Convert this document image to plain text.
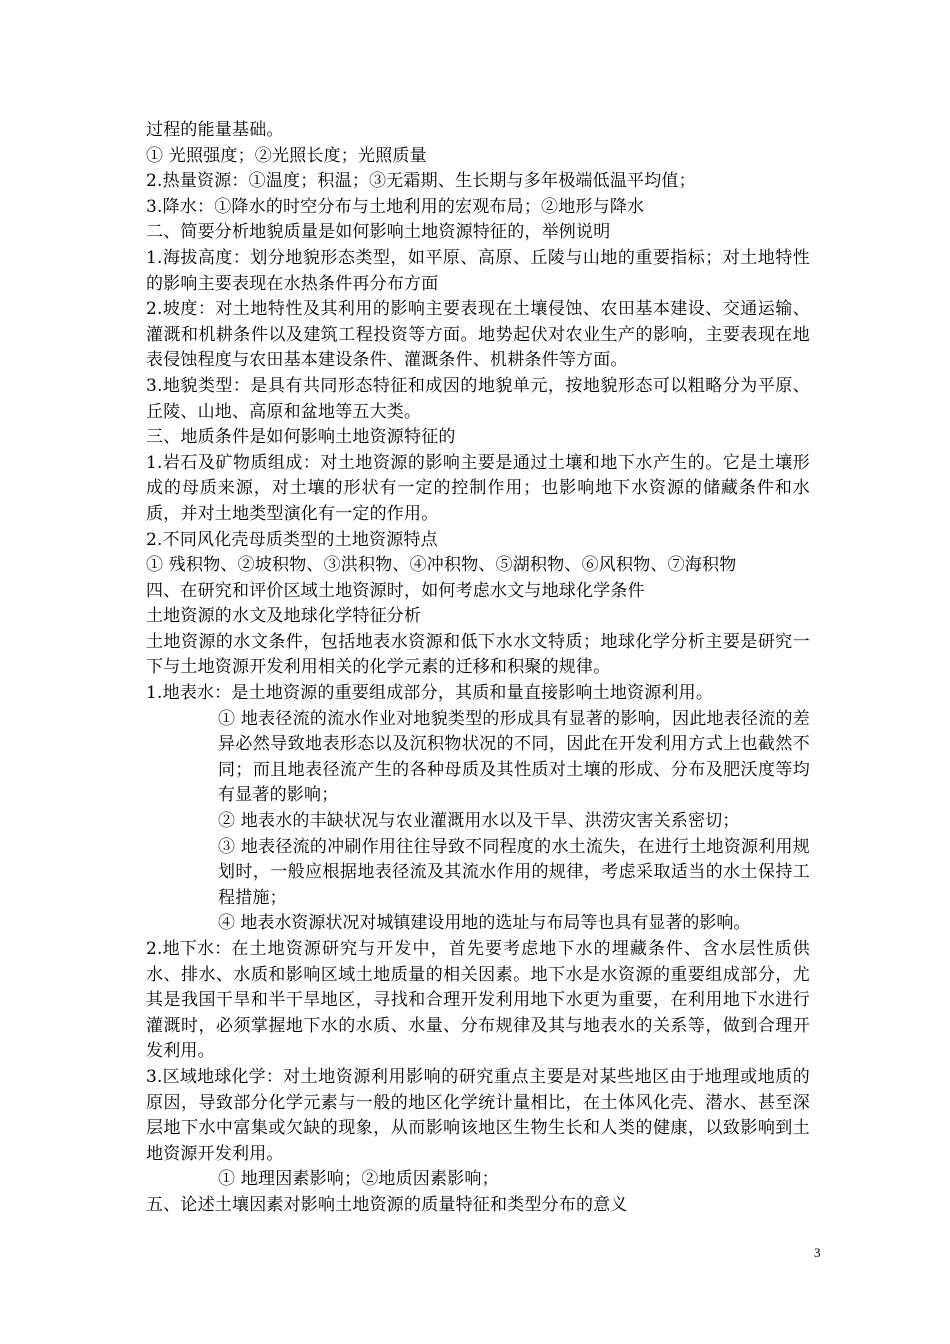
过程的能量基础。

① 光照强度；②光照长度；光照质量

2.热量资源：①温度；积温；③无霜期、生长期与多年极端低温平均值；

3.降水：①降水的时空分布与土地利用的宏观布局；②地形与降水

二、简要分析地貌质量是如何影响土地资源特征的，举例说明

1.海拔高度：划分地貌形态类型，如平原、高原、丘陵与山地的重要指标；对土地特性的影响主要表现在水热条件再分布方面

2.坡度：对土地特性及其利用的影响主要表现在土壤侵蚀、农田基本建设、交通运输、灌溉和机耕条件以及建筑工程投资等方面。地势起伏对农业生产的影响，主要表现在地表侵蚀程度与农田基本建设条件、灌溉条件、机耕条件等方面。

3.地貌类型：是具有共同形态特征和成因的地貌单元，按地貌形态可以粗略分为平原、丘陵、山地、高原和盆地等五大类。

三、地质条件是如何影响土地资源特征的

1.岩石及矿物质组成：对土地资源的影响主要是通过土壤和地下水产生的。它是土壤形成的母质来源，对土壤的形状有一定的控制作用；也影响地下水资源的储藏条件和水质，并对土地类型演化有一定的作用。

2.不同风化壳母质类型的土地资源特点

① 残积物、②坡积物、③洪积物、④冲积物、⑤湖积物、⑥风积物、⑦海积物

四、在研究和评价区域土地资源时，如何考虑水文与地球化学条件

土地资源的水文及地球化学特征分析

土地资源的水文条件，包括地表水资源和低下水水文特质；地球化学分析主要是研究一下与土地资源开发利用相关的化学元素的迁移和积聚的规律。

1.地表水：是土地资源的重要组成部分，其质和量直接影响土地资源利用。

① 地表径流的流水作业对地貌类型的形成具有显著的影响，因此地表径流的差异必然导致地表形态以及沉积物状况的不同，因此在开发利用方式上也截然不同；而且地表径流产生的各种母质及其性质对土壤的形成、分布及肥沃度等均有显著的影响；

② 地表水的丰缺状况与农业灌溉用水以及干旱、洪涝灾害关系密切；

③ 地表径流的冲刷作用往往导致不同程度的水土流失，在进行土地资源利用规划时，一般应根据地表径流及其流水作用的规律，考虑采取适当的水土保持工程措施；

④ 地表水资源状况对城镇建设用地的选址与布局等也具有显著的影响。

2.地下水： 在土地资源研究与开发中，首先要考虑地下水的埋藏条件、含水层性质供水、排水、水质和影响区域土地质量的相关因素。地下水是水资源的重要组成部分，尤其是我国干旱和半干旱地区，寻找和合理开发利用地下水更为重要，在利用地下水进行灌溉时，必须掌握地下水的水质、水量、分布规律及其与地表水的关系等，做到合理开发利用。

3.区域地球化学： 对土地资源利用影响的研究重点主要是对某些地区由于地理或地质的原因，导致部分化学元素与一般的地区化学统计量相比，在土体风化壳、潜水、甚至深层地下水中富集或欠缺的现象，从而影响该地区生物生长和人类的健康，以致影响到土地资源开发利用。

① 地理因素影响；②地质因素影响；

五、论述土壤因素对影响土地资源的质量特征和类型分布的意义

3
